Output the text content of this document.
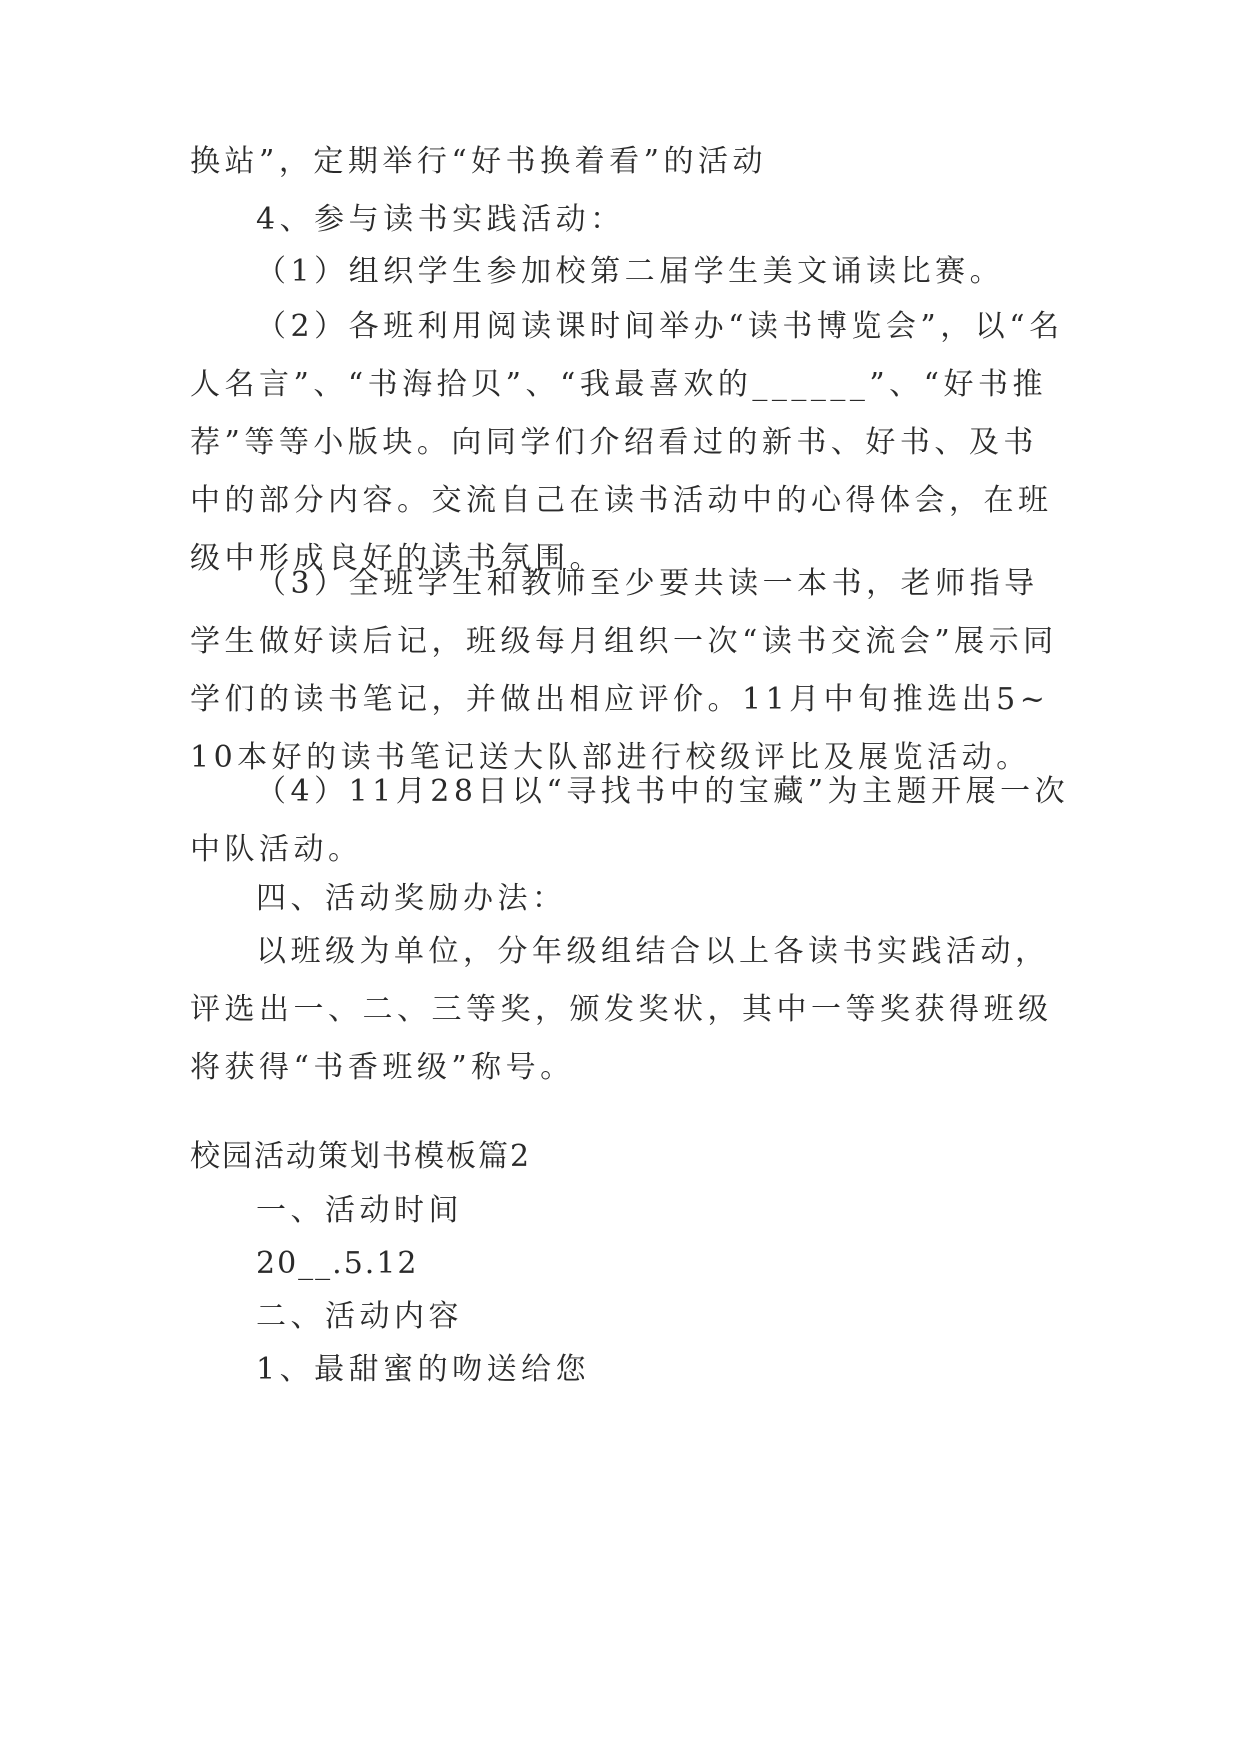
换站”，定期举行“好书换着看”的活动

4、参与读书实践活动：

（1）组织学生参加校第二届学生美文诵读比赛。

（2）各班利用阅读课时间举办“读书博览会”，以“名人名言”、“书海拾贝”、“我最喜欢的______”、“好书推荐”等等小版块。向同学们介绍看过的新书、好书、及书中的部分内容。交流自己在读书活动中的心得体会，在班级中形成良好的读书氛围。

（3）全班学生和教师至少要共读一本书，老师指导学生做好读后记，班级每月组织一次“读书交流会”展示同学们的读书笔记，并做出相应评价。11月中旬推选出5~10本好的读书笔记送大队部进行校级评比及展览活动。

（4）11月28日以“寻找书中的宝藏”为主题开展一次中队活动。

四、活动奖励办法：

以班级为单位，分年级组结合以上各读书实践活动，评选出一、二、三等奖，颁发奖状，其中一等奖获得班级将获得“书香班级”称号。

校园活动策划书模板篇2

一、活动时间

20__.5.12

二、活动内容

1、最甜蜜的吻送给您
